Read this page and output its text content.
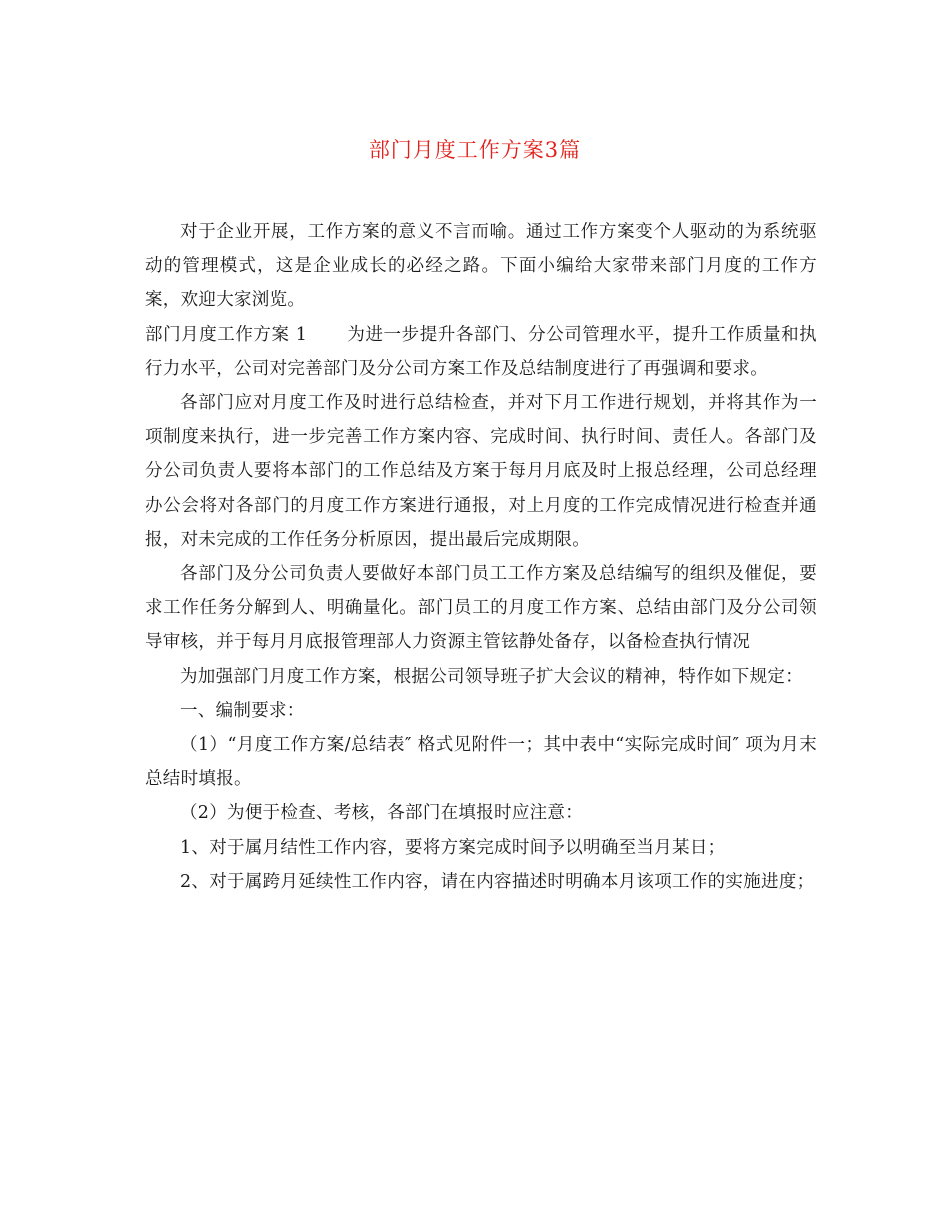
部门月度工作方案3篇

对于企业开展，工作方案的意义不言而喻。通过工作方案变个人驱动的为系统驱动的管理模式，这是企业成长的必经之路。下面小编给大家带来部门月度的工作方案，欢迎大家浏览。

部门月度工作方案 1 为进一步提升各部门、分公司管理水平，提升工作质量和执行力水平，公司对完善部门及分公司方案工作及总结制度进行了再强调和要求。

各部门应对月度工作及时进行总结检查，并对下月工作进行规划，并将其作为一项制度来执行，进一步完善工作方案内容、完成时间、执行时间、责任人。各部门及分公司负责人要将本部门的工作总结及方案于每月月底及时上报总经理，公司总经理办公会将对各部门的月度工作方案进行通报，对上月度的工作完成情况进行检查并通报，对未完成的工作任务分析原因，提出最后完成期限。

各部门及分公司负责人要做好本部门员工工作方案及总结编写的组织及催促，要求工作任务分解到人、明确量化。部门员工的月度工作方案、总结由部门及分公司领导审核，并于每月月底报管理部人力资源主管铉静处备存，以备检查执行情况

为加强部门月度工作方案，根据公司领导班子扩大会议的精神，特作如下规定：

一、编制要求：

（1）“月度工作方案/总结表″ 格式见附件一；其中表中“实际完成时间″ 项为月末总结时填报。

（2）为便于检查、考核，各部门在填报时应注意：

1、对于属月结性工作内容，要将方案完成时间予以明确至当月某日；

2、对于属跨月延续性工作内容，请在内容描述时明确本月该项工作的实施进度；
